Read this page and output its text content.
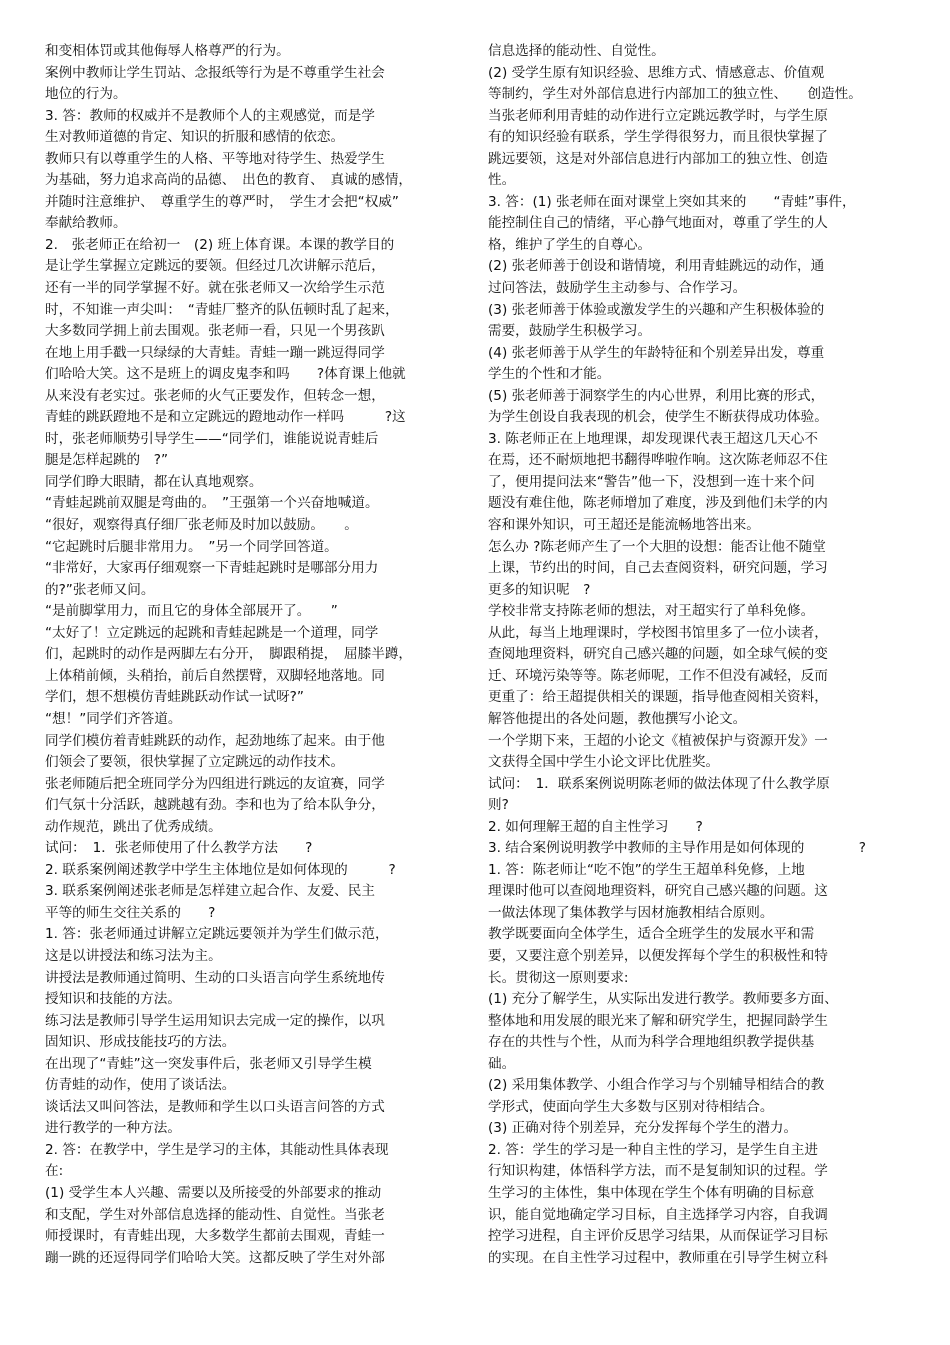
和变相体罚或其他侮辱人格尊严的行为。
案例中教师让学生罚站、念报纸等行为是不尊重学生社会
地位的行为。
3. 答：教师的权威并不是教师个人的主观感觉，而是学
生对教师道德的肯定、知识的折服和感情的依恋。
教师只有以尊重学生的人格、平等地对待学生、热爱学生
为基础，努力追求高尚的品德、　出色的教育、　真诚的感情，
并随时注意维护、　尊重学生的尊严时，　学生才会把“权威”
奉献给教师。
2.　张老师正在给初一　(2) 班上体育课。本课的教学目的
是让学生掌握立定跳远的要领。但经过几次讲解示范后，
还有一半的同学掌握不好。就在张老师又一次给学生示范
时，不知谁一声尖叫：　“青蛙厂整齐的队伍顿时乱了起来，
大多数同学拥上前去围观。张老师一看，只见一个男孩趴
在地上用手戳一只绿绿的大青蛙。青蛙一蹦一跳逗得同学
们哈哈大笑。这不是班上的调皮鬼李和吗　　?体育课上他就
从来没有老实过。张老师的火气正要发作，但转念一想，
青蛙的跳跃蹬地不是和立定跳远的蹬地动作一样吗　　　?这
时，张老师顺势引导学生——“同学们，谁能说说青蛙后
腿是怎样起跳的　?”
同学们睁大眼睛，都在认真地观察。
“青蛙起跳前双腿是弯曲的。　”王强第一个兴奋地喊道。
“很好，观察得真仔细厂张老师及时加以鼓励。　　。
“它起跳时后腿非常用力。　”另一个同学回答道。
“非常好，大家再仔细观察一下青蛙起跳时是哪部分用力
的?”张老师又问。
“是前脚掌用力，而且它的身体全部展开了。　　”
“太好了！立定跳远的起跳和青蛙起跳是一个道理，同学
们，起跳时的动作是两脚左右分开，　脚跟稍提，　屈膝半蹲，
上体稍前倾，头稍抬，前后自然摆臂，双脚轻地落地。同
学们，想不想模仿青蛙跳跃动作试一试呀?”
“想！”同学们齐答道。
同学们模仿着青蛙跳跃的动作，起劲地练了起来。由于他
们领会了要领，很快掌握了立定跳远的动作技术。
张老师随后把全班同学分为四组进行跳远的友谊赛，同学
们气氛十分活跃，越跳越有劲。李和也为了给本队争分，
动作规范，跳出了优秀成绩。
试问：　1．张老师使用了什么教学方法　　?
2. 联系案例阐述教学中学生主体地位是如何体现的　　　?
3. 联系案例阐述张老师是怎样建立起合作、友爱、民主
平等的师生交往关系的　　?
1. 答：张老师通过讲解立定跳远要领并为学生们做示范，
这是以讲授法和练习法为主。
讲授法是教师通过简明、生动的口头语言向学生系统地传
授知识和技能的方法。
练习法是教师引导学生运用知识去完成一定的操作，以巩
固知识、形成技能技巧的方法。
在出现了“青蛙”这一突发事件后，张老师又引导学生模
仿青蛙的动作，使用了谈话法。
谈话法又叫问答法，是教师和学生以口头语言问答的方式
进行教学的一种方法。
2. 答：在教学中，学生是学习的主体，其能动性具体表现
在:
(1) 受学生本人兴趣、需要以及所接受的外部要求的推动
和支配，学生对外部信息选择的能动性、自觉性。当张老
师授课时，有青蛙出现，大多数学生都前去围观，青蛙一
蹦一跳的还逗得同学们哈哈大笑。这都反映了学生对外部
信息选择的能动性、自觉性。
(2) 受学生原有知识经验、思维方式、情感意志、价值观
等制约，学生对外部信息进行内部加工的独立性、　　创造性。
当张老师利用青蛙的动作进行立定跳远教学时，与学生原
有的知识经验有联系，学生学得很努力，而且很快掌握了
跳远要领，这是对外部信息进行内部加工的独立性、创造
性。
3. 答：(1) 张老师在面对课堂上突如其来的　　“青蛙”事件，
能控制住自己的情绪，平心静气地面对，尊重了学生的人
格，维护了学生的自尊心。
(2) 张老师善于创设和谐情境，利用青蛙跳远的动作，通
过问答法，鼓励学生主动参与、合作学习。
(3) 张老师善于体验或激发学生的兴趣和产生积极体验的
需要，鼓励学生积极学习。
(4) 张老师善于从学生的年龄特征和个别差异出发，尊重
学生的个性和才能。
(5) 张老师善于洞察学生的内心世界，利用比赛的形式，
为学生创设自我表现的机会，使学生不断获得成功体验。
3. 陈老师正在上地理课，却发现课代表王超这几天心不
在焉，还不耐烦地把书翻得哗啦作响。这次陈老师忍不住
了，便用提问法来“警告”他一下，没想到一连十来个问
题没有难住他，陈老师增加了难度，涉及到他们未学的内
容和课外知识，可王超还是能流畅地答出来。
怎么办 ?陈老师产生了一个大胆的设想：能否让他不随堂
上课，节约出的时间，自己去查阅资料，研究问题，学习
更多的知识呢　?
学校非常支持陈老师的想法，对王超实行了单科免修。
从此，每当上地理课时，学校图书馆里多了一位小读者，
查阅地理资料，研究自己感兴趣的问题，如全球气候的变
迁、环境污染等等。陈老师呢，工作不但没有减轻，反而
更重了：给王超提供相关的课题，指导他查阅相关资料，
解答他提出的各处问题，教他撰写小论文。
一个学期下来，王超的小论文《植被保护与资源开发》一
文获得全国中学生小论文评比优胜奖。
试问：　1．联系案例说明陈老师的做法体现了什么教学原
则?
2. 如何理解王超的自主性学习　　?
3. 结合案例说明教学中教师的主导作用是如何体现的　　　　?
1. 答：陈老师让“吃不饱”的学生王超单科免修，上地
理课时他可以查阅地理资料，研究自己感兴趣的问题。这
一做法体现了集体教学与因材施教相结合原则。
教学既要面向全体学生，适合全班学生的发展水平和需
要，又要注意个别差异，以便发挥每个学生的积极性和特
长。贯彻这一原则要求:
(1) 充分了解学生，从实际出发进行教学。教师要多方面、
整体地和用发展的眼光来了解和研究学生，把握同龄学生
存在的共性与个性，从而为科学合理地组织教学提供基
础。
(2) 采用集体教学、小组合作学习与个别辅导相结合的教
学形式，使面向学生大多数与区别对待相结合。
(3) 正确对待个别差异，充分发挥每个学生的潜力。
2. 答：学生的学习是一种自主性的学习，是学生自主进
行知识构建，体悟科学方法，而不是复制知识的过程。学
生学习的主体性，集中体现在学生个体有明确的目标意
识，能自觉地确定学习目标，自主选择学习内容，自我调
控学习进程，自主评价反思学习结果，从而保证学习目标
的实现。在自主性学习过程中，教师重在引导学生树立科
